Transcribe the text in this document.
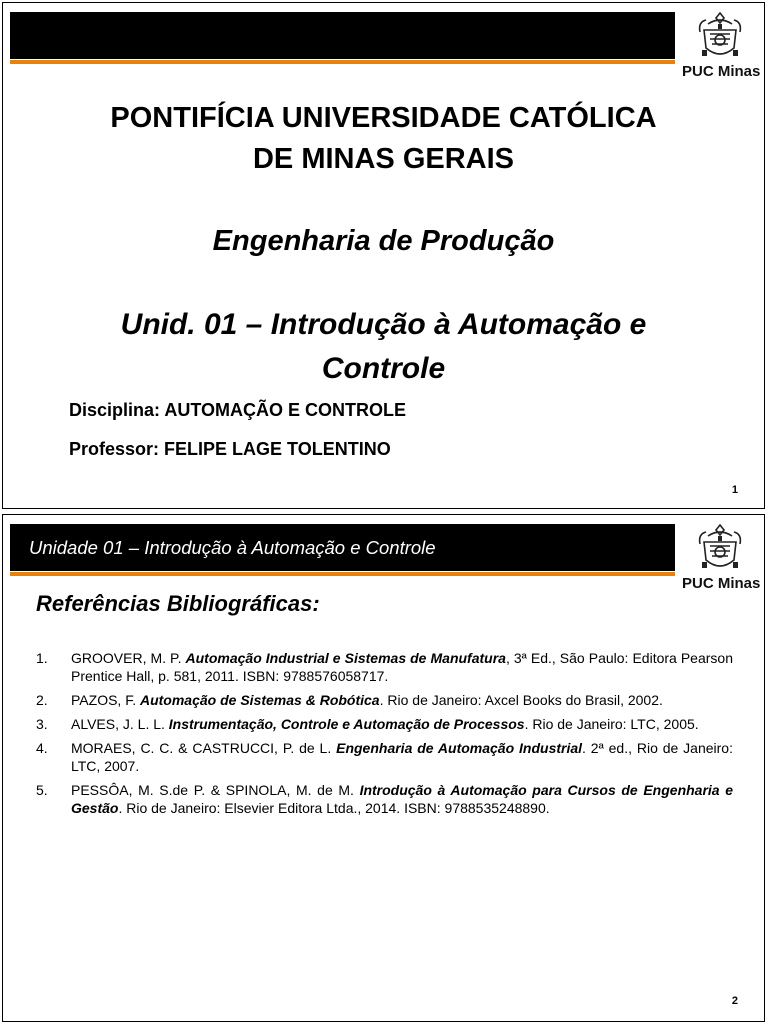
PUC Minas
PONTIFÍCIA UNIVERSIDADE CATÓLICA
DE MINAS GERAIS
Engenharia de Produção
Unid. 01 – Introdução à Automação e
Controle
Disciplina: AUTOMAÇÃO E CONTROLE
Professor: FELIPE LAGE TOLENTINO
1
Unidade 01 – Introdução à Automação e Controle
PUC Minas
Referências Bibliográficas:
1. GROOVER, M. P. Automação Industrial e Sistemas de Manufatura, 3ª Ed., São Paulo: Editora Pearson Prentice Hall, p. 581, 2011. ISBN: 9788576058717.
2. PAZOS, F. Automação de Sistemas & Robótica. Rio de Janeiro: Axcel Books do Brasil, 2002.
3. ALVES, J. L. L. Instrumentação, Controle e Automação de Processos. Rio de Janeiro: LTC, 2005.
4. MORAES, C. C. & CASTRUCCI, P. de L. Engenharia de Automação Industrial. 2ª ed., Rio de Janeiro: LTC, 2007.
5. PESSÔA, M. S.de P. & SPINOLA, M. de M. Introdução à Automação para Cursos de Engenharia e Gestão. Rio de Janeiro: Elsevier Editora Ltda., 2014. ISBN: 9788535248890.
2
